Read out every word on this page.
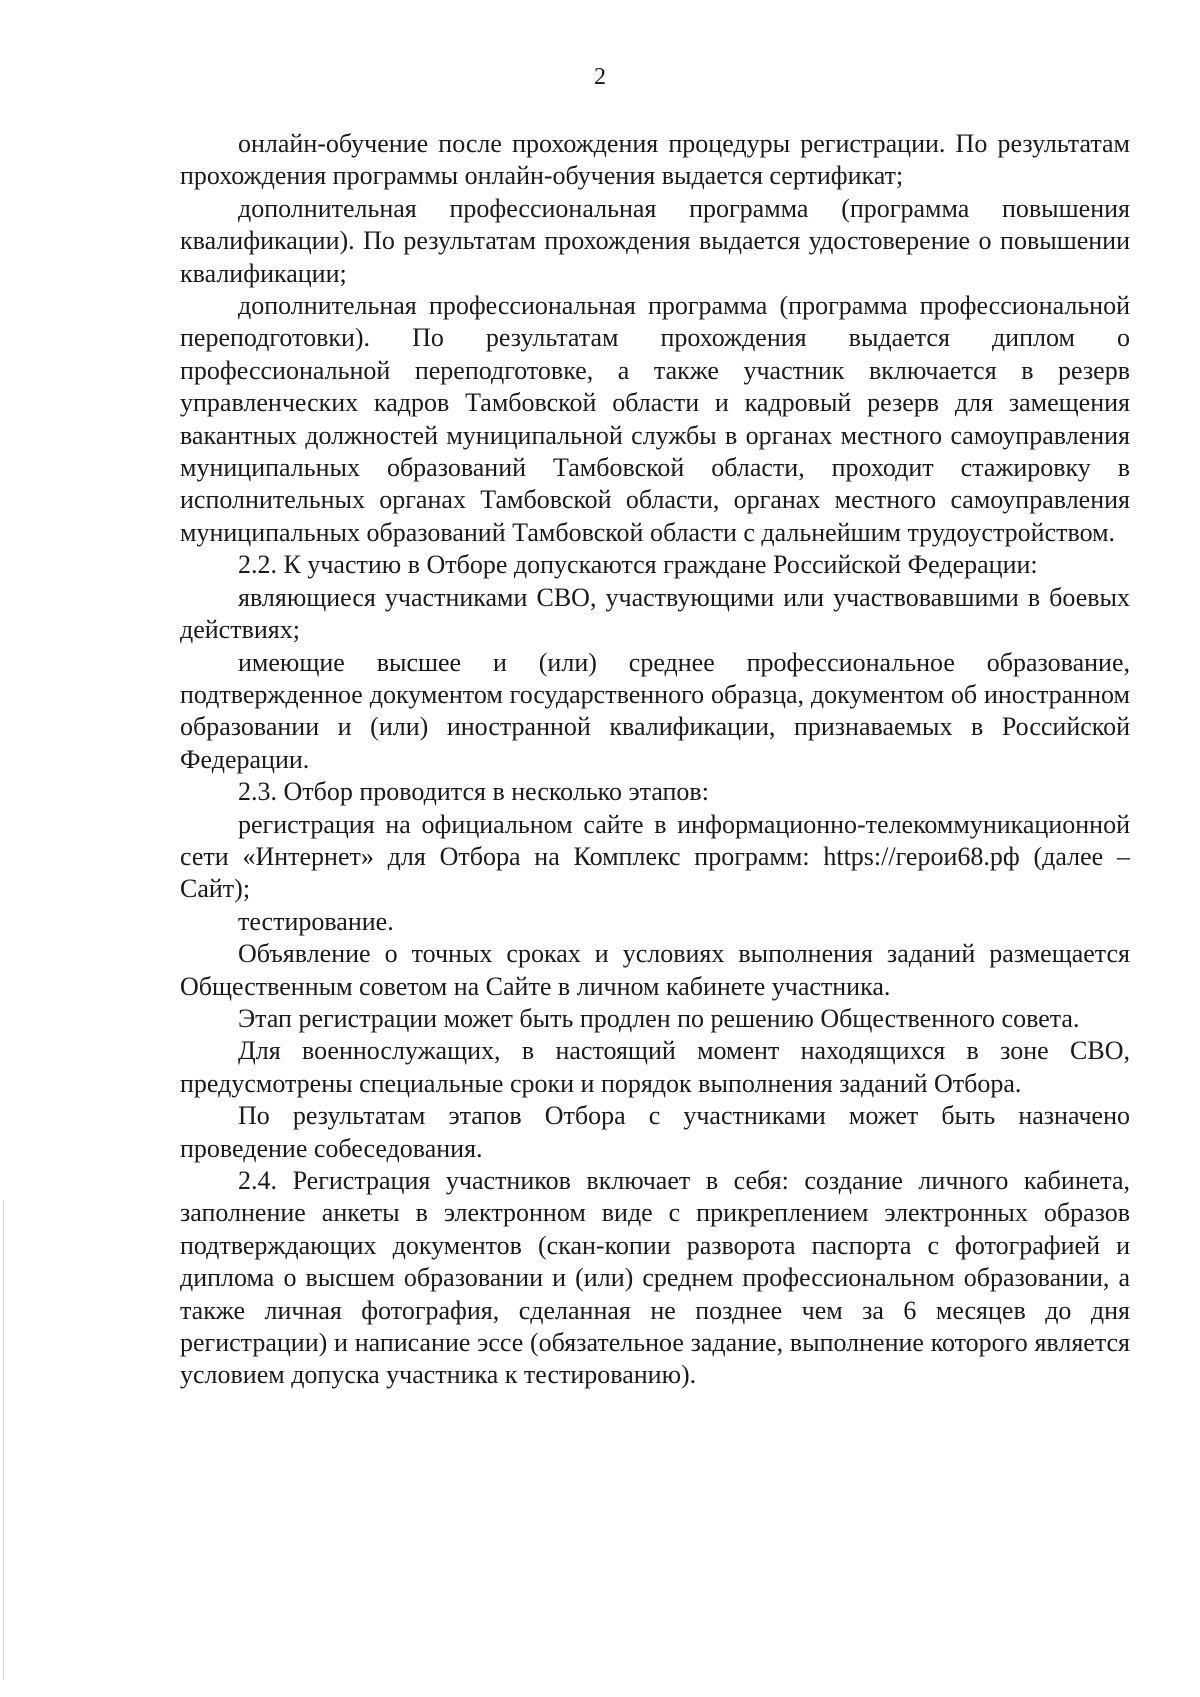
2

онлайн-обучение после прохождения процедуры регистрации. По результатам прохождения программы онлайн-обучения выдается сертификат;

дополнительная профессиональная программа (программа повышения квалификации). По результатам прохождения выдается удостоверение о повышении квалификации;

дополнительная профессиональная программа (программа профессиональной переподготовки). По результатам прохождения выдается диплом о профессиональной переподготовке, а также участник включается в резерв управленческих кадров Тамбовской области и кадровый резерв для замещения вакантных должностей муниципальной службы в органах местного самоуправления муниципальных образований Тамбовской области, проходит стажировку в исполнительных органах Тамбовской области, органах местного самоуправления муниципальных образований Тамбовской области с дальнейшим трудоустройством.

2.2. К участию в Отборе допускаются граждане Российской Федерации:

являющиеся участниками СВО, участвующими или участвовавшими в боевых действиях;

имеющие высшее и (или) среднее профессиональное образование, подтвержденное документом государственного образца, документом об иностранном образовании и (или) иностранной квалификации, признаваемых в Российской Федерации.

2.3. Отбор проводится в несколько этапов:

регистрация на официальном сайте в информационно-телекоммуникационной сети «Интернет» для Отбора на Комплекс программ: https://герои68.рф (далее – Сайт);

тестирование.

Объявление о точных сроках и условиях выполнения заданий размещается Общественным советом на Сайте в личном кабинете участника.

Этап регистрации может быть продлен по решению Общественного совета.

Для военнослужащих, в настоящий момент находящихся в зоне СВО, предусмотрены специальные сроки и порядок выполнения заданий Отбора.

По результатам этапов Отбора с участниками может быть назначено проведение собеседования.

2.4. Регистрация участников включает в себя: создание личного кабинета, заполнение анкеты в электронном виде с прикреплением электронных образов подтверждающих документов (скан-копии разворота паспорта с фотографией и диплома о высшем образовании и (или) среднем профессиональном образовании, а также личная фотография, сделанная не позднее чем за 6 месяцев до дня регистрации) и написание эссе (обязательное задание, выполнение которого является условием допуска участника к тестированию).
